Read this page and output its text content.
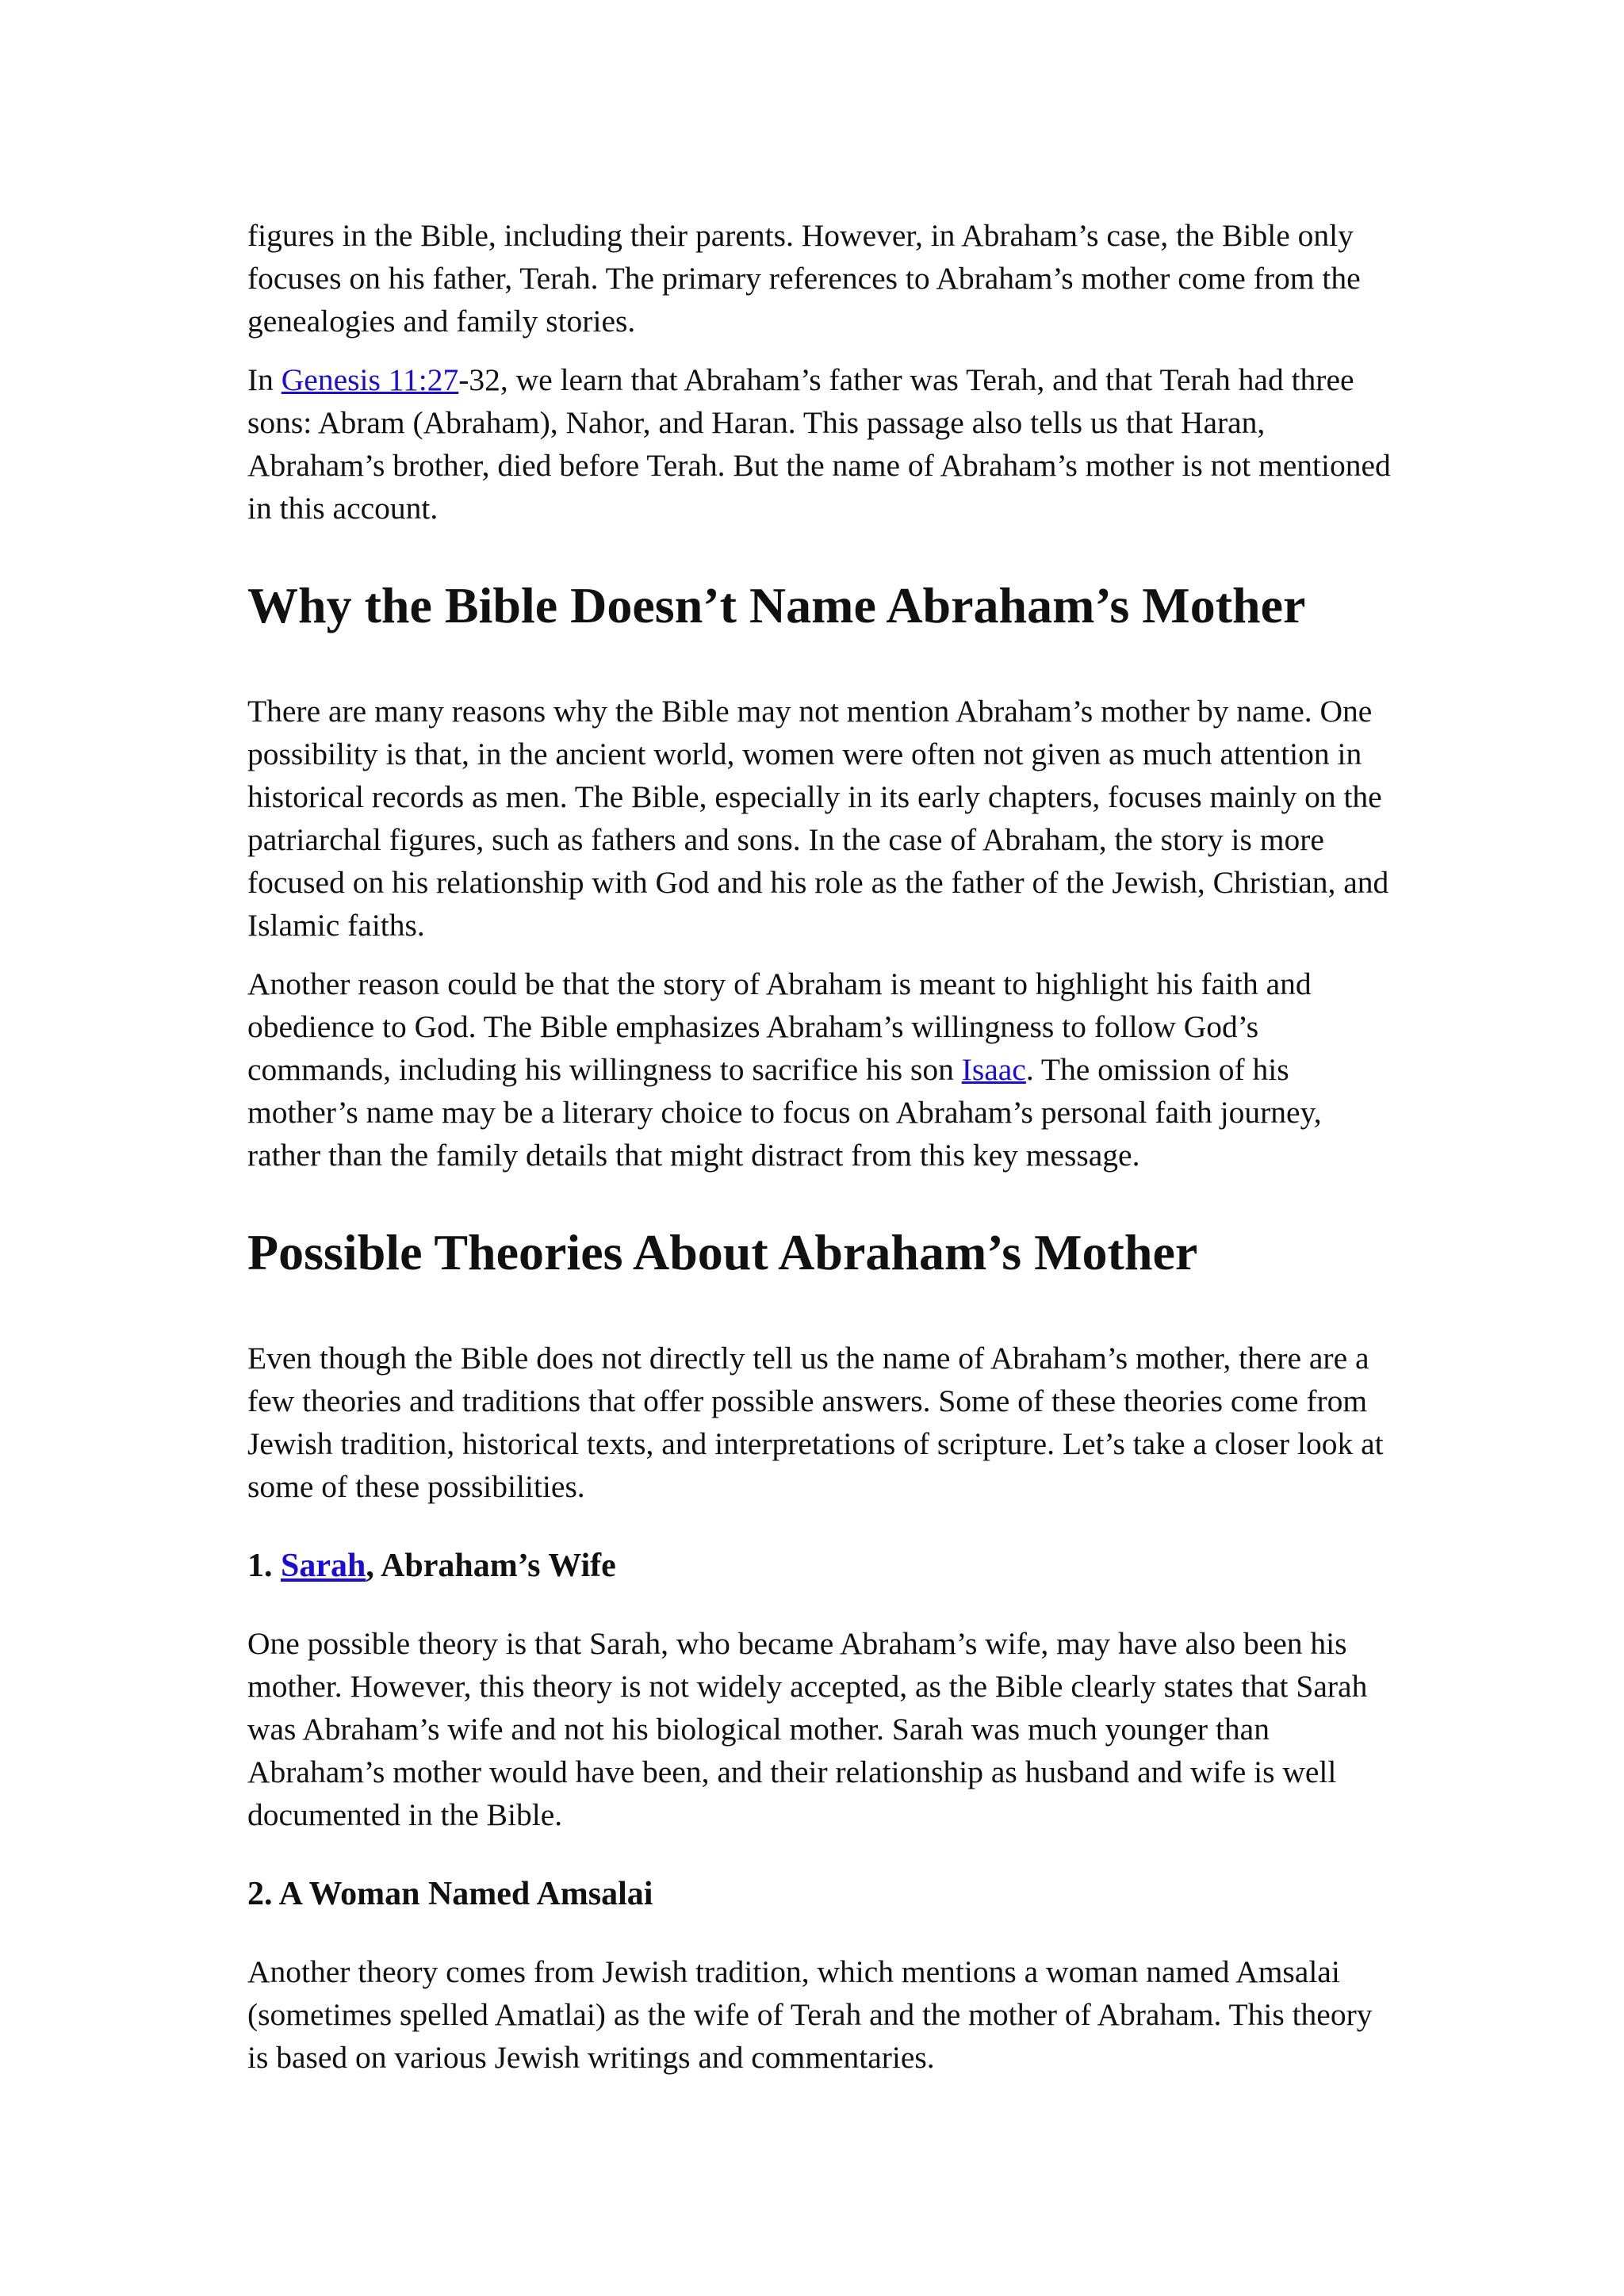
figures in the Bible, including their parents. However, in Abraham’s case, the Bible only focuses on his father, Terah. The primary references to Abraham’s mother come from the genealogies and family stories.

In Genesis 11:27-32, we learn that Abraham’s father was Terah, and that Terah had three sons: Abram (Abraham), Nahor, and Haran. This passage also tells us that Haran, Abraham’s brother, died before Terah. But the name of Abraham’s mother is not mentioned in this account.

Why the Bible Doesn’t Name Abraham’s Mother

There are many reasons why the Bible may not mention Abraham’s mother by name. One possibility is that, in the ancient world, women were often not given as much attention in historical records as men. The Bible, especially in its early chapters, focuses mainly on the patriarchal figures, such as fathers and sons. In the case of Abraham, the story is more focused on his relationship with God and his role as the father of the Jewish, Christian, and Islamic faiths.

Another reason could be that the story of Abraham is meant to highlight his faith and obedience to God. The Bible emphasizes Abraham’s willingness to follow God’s commands, including his willingness to sacrifice his son Isaac. The omission of his mother’s name may be a literary choice to focus on Abraham’s personal faith journey, rather than the family details that might distract from this key message.

Possible Theories About Abraham’s Mother

Even though the Bible does not directly tell us the name of Abraham’s mother, there are a few theories and traditions that offer possible answers. Some of these theories come from Jewish tradition, historical texts, and interpretations of scripture. Let’s take a closer look at some of these possibilities.

1. Sarah, Abraham’s Wife

One possible theory is that Sarah, who became Abraham’s wife, may have also been his mother. However, this theory is not widely accepted, as the Bible clearly states that Sarah was Abraham’s wife and not his biological mother. Sarah was much younger than Abraham’s mother would have been, and their relationship as husband and wife is well documented in the Bible.

2. A Woman Named Amsalai

Another theory comes from Jewish tradition, which mentions a woman named Amsalai (sometimes spelled Amatlai) as the wife of Terah and the mother of Abraham. This theory is based on various Jewish writings and commentaries.
